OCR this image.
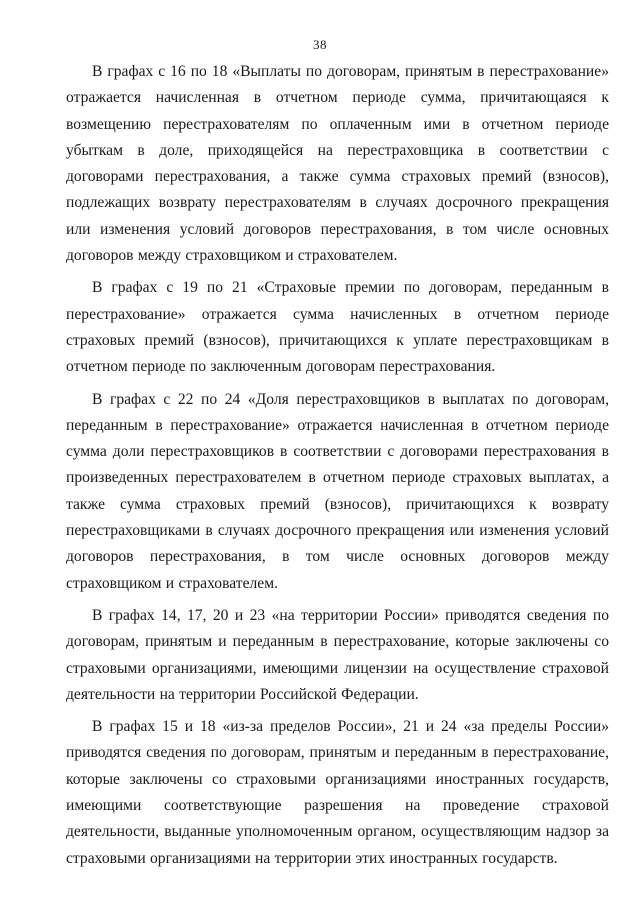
38

В графах с 16 по 18 «Выплаты по договорам, принятым в перестрахование» отражается начисленная в отчетном периоде сумма, причитающаяся к возмещению перестрахователям по оплаченным ими в отчетном периоде убыткам в доле, приходящейся на перестраховщика в соответствии с договорами перестрахования, а также сумма страховых премий (взносов), подлежащих возврату перестрахователям в случаях досрочного прекращения или изменения условий договоров перестрахования, в том числе основных договоров между страховщиком и страхователем.

В графах с 19 по 21 «Страховые премии по договорам, переданным в перестрахование» отражается сумма начисленных в отчетном периоде страховых премий (взносов), причитающихся к уплате перестраховщикам в отчетном периоде по заключенным договорам перестрахования.

В графах с 22 по 24 «Доля перестраховщиков в выплатах по договорам, переданным в перестрахование» отражается начисленная в отчетном периоде сумма доли перестраховщиков в соответствии с договорами перестрахования в произведенных перестрахователем в отчетном периоде страховых выплатах, а также сумма страховых премий (взносов), причитающихся к возврату перестраховщиками в случаях досрочного прекращения или изменения условий договоров перестрахования, в том числе основных договоров между страховщиком и страхователем.

В графах 14, 17, 20 и 23 «на территории России» приводятся сведения по договорам, принятым и переданным в перестрахование, которые заключены со страховыми организациями, имеющими лицензии на осуществление страховой деятельности на территории Российской Федерации.

В графах 15 и 18 «из-за пределов России», 21 и 24 «за пределы России» приводятся сведения по договорам, принятым и переданным в перестрахование, которые заключены со страховыми организациями иностранных государств, имеющими соответствующие разрешения на проведение страховой деятельности, выданные уполномоченным органом, осуществляющим надзор за страховыми организациями на территории этих иностранных государств.
